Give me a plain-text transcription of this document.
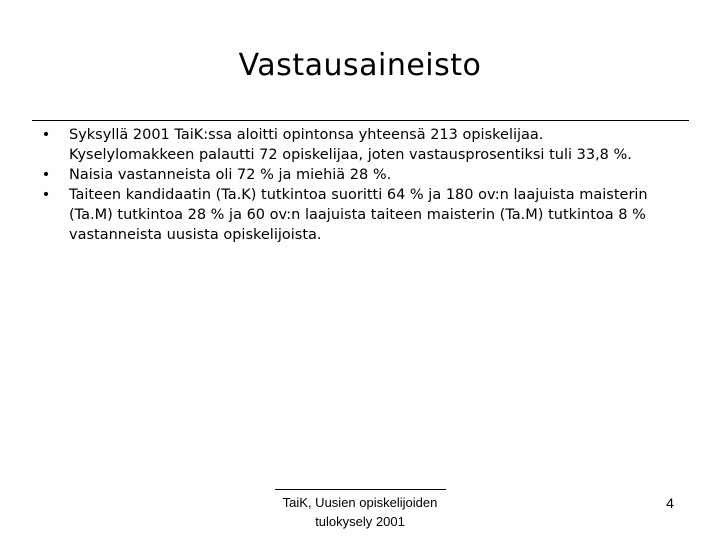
Vastausaineisto
• Syksyllä 2001 TaiK:ssa aloitti opintonsa yhteensä 213 opiskelijaa. Kyselylomakkeen palautti 72 opiskelijaa, joten vastausprosentiksi tuli 33,8 %.
• Naisia vastanneista oli 72 % ja miehiä 28 %.
• Taiteen kandidaatin (Ta.K) tutkintoa suoritti 64 % ja 180 ov:n laajuista maisterin (Ta.M) tutkintoa 28 % ja 60 ov:n laajuista taiteen maisterin (Ta.M) tutkintoa 8 % vastanneista uusista opiskelijoista.
TaiK, Uusien opiskelijoiden
tulokysely 2001
4
